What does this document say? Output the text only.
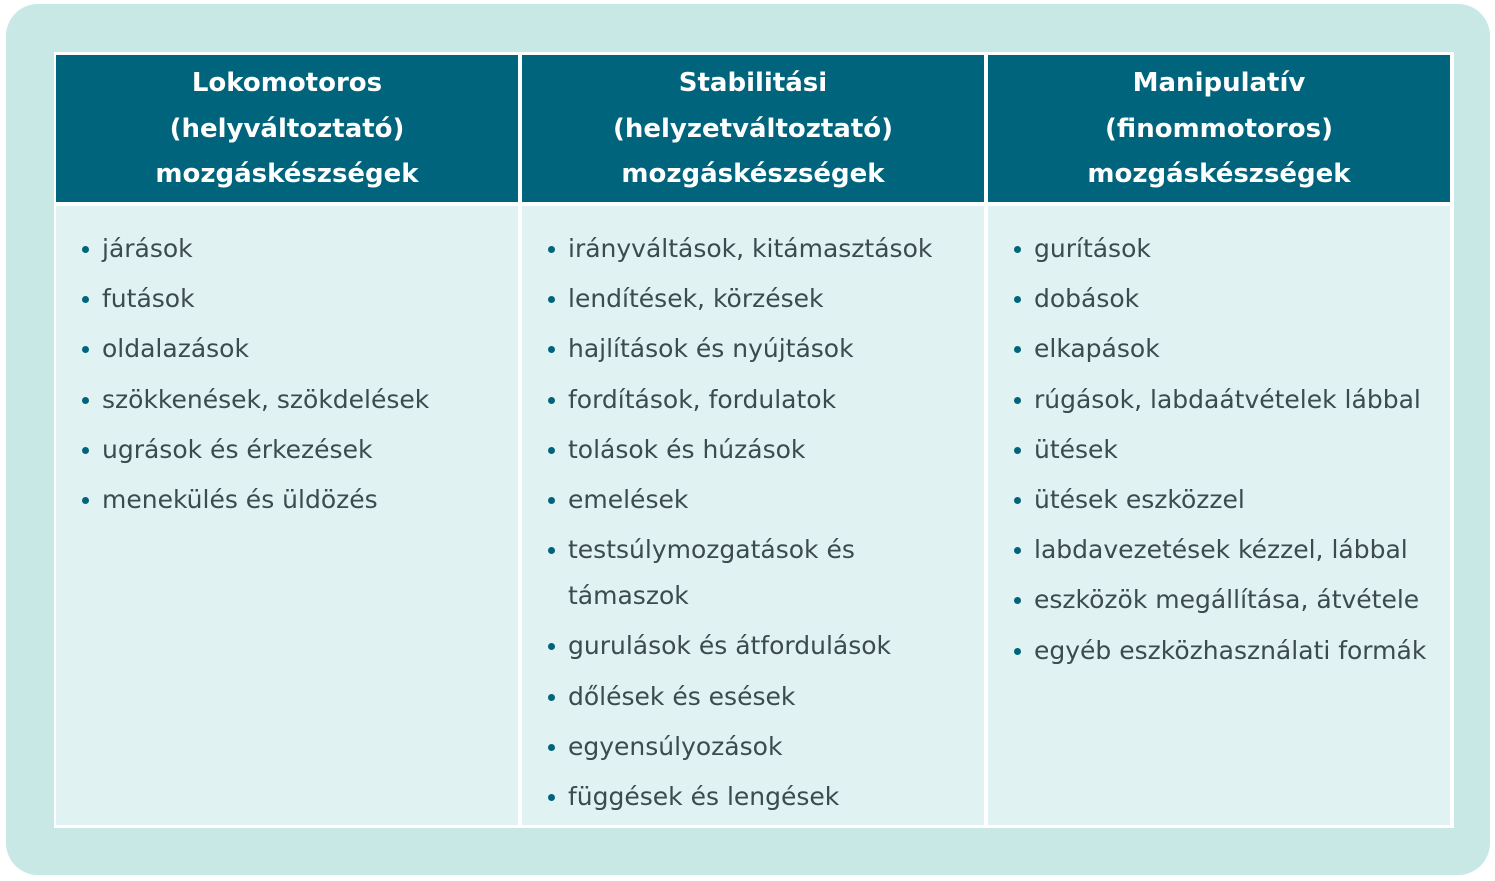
Lokomotoros
(helyváltoztató)
mozgáskészségek
Stabilitási
(helyzetváltoztató)
mozgáskészségek
Manipulatív
(finommotoros)
mozgáskészségek
járások
futások
oldalazások
szökkenések, szökdelések
ugrások és érkezések
menekülés és üldözés
irányváltások, kitámasztások
lendítések, körzések
hajlítások és nyújtások
fordítások, fordulatok
tolások és húzások
emelések
testsúlymozgatások és támaszok
gurulások és átfordulások
dőlések és esések
egyensúlyozások
függések és lengések
gurítások
dobások
elkapások
rúgások, labdaátvételek lábbal
ütések
ütések eszközzel
labdavezetések kézzel, lábbal
eszközök megállítása, átvétele
egyéb eszközhasználati formák
